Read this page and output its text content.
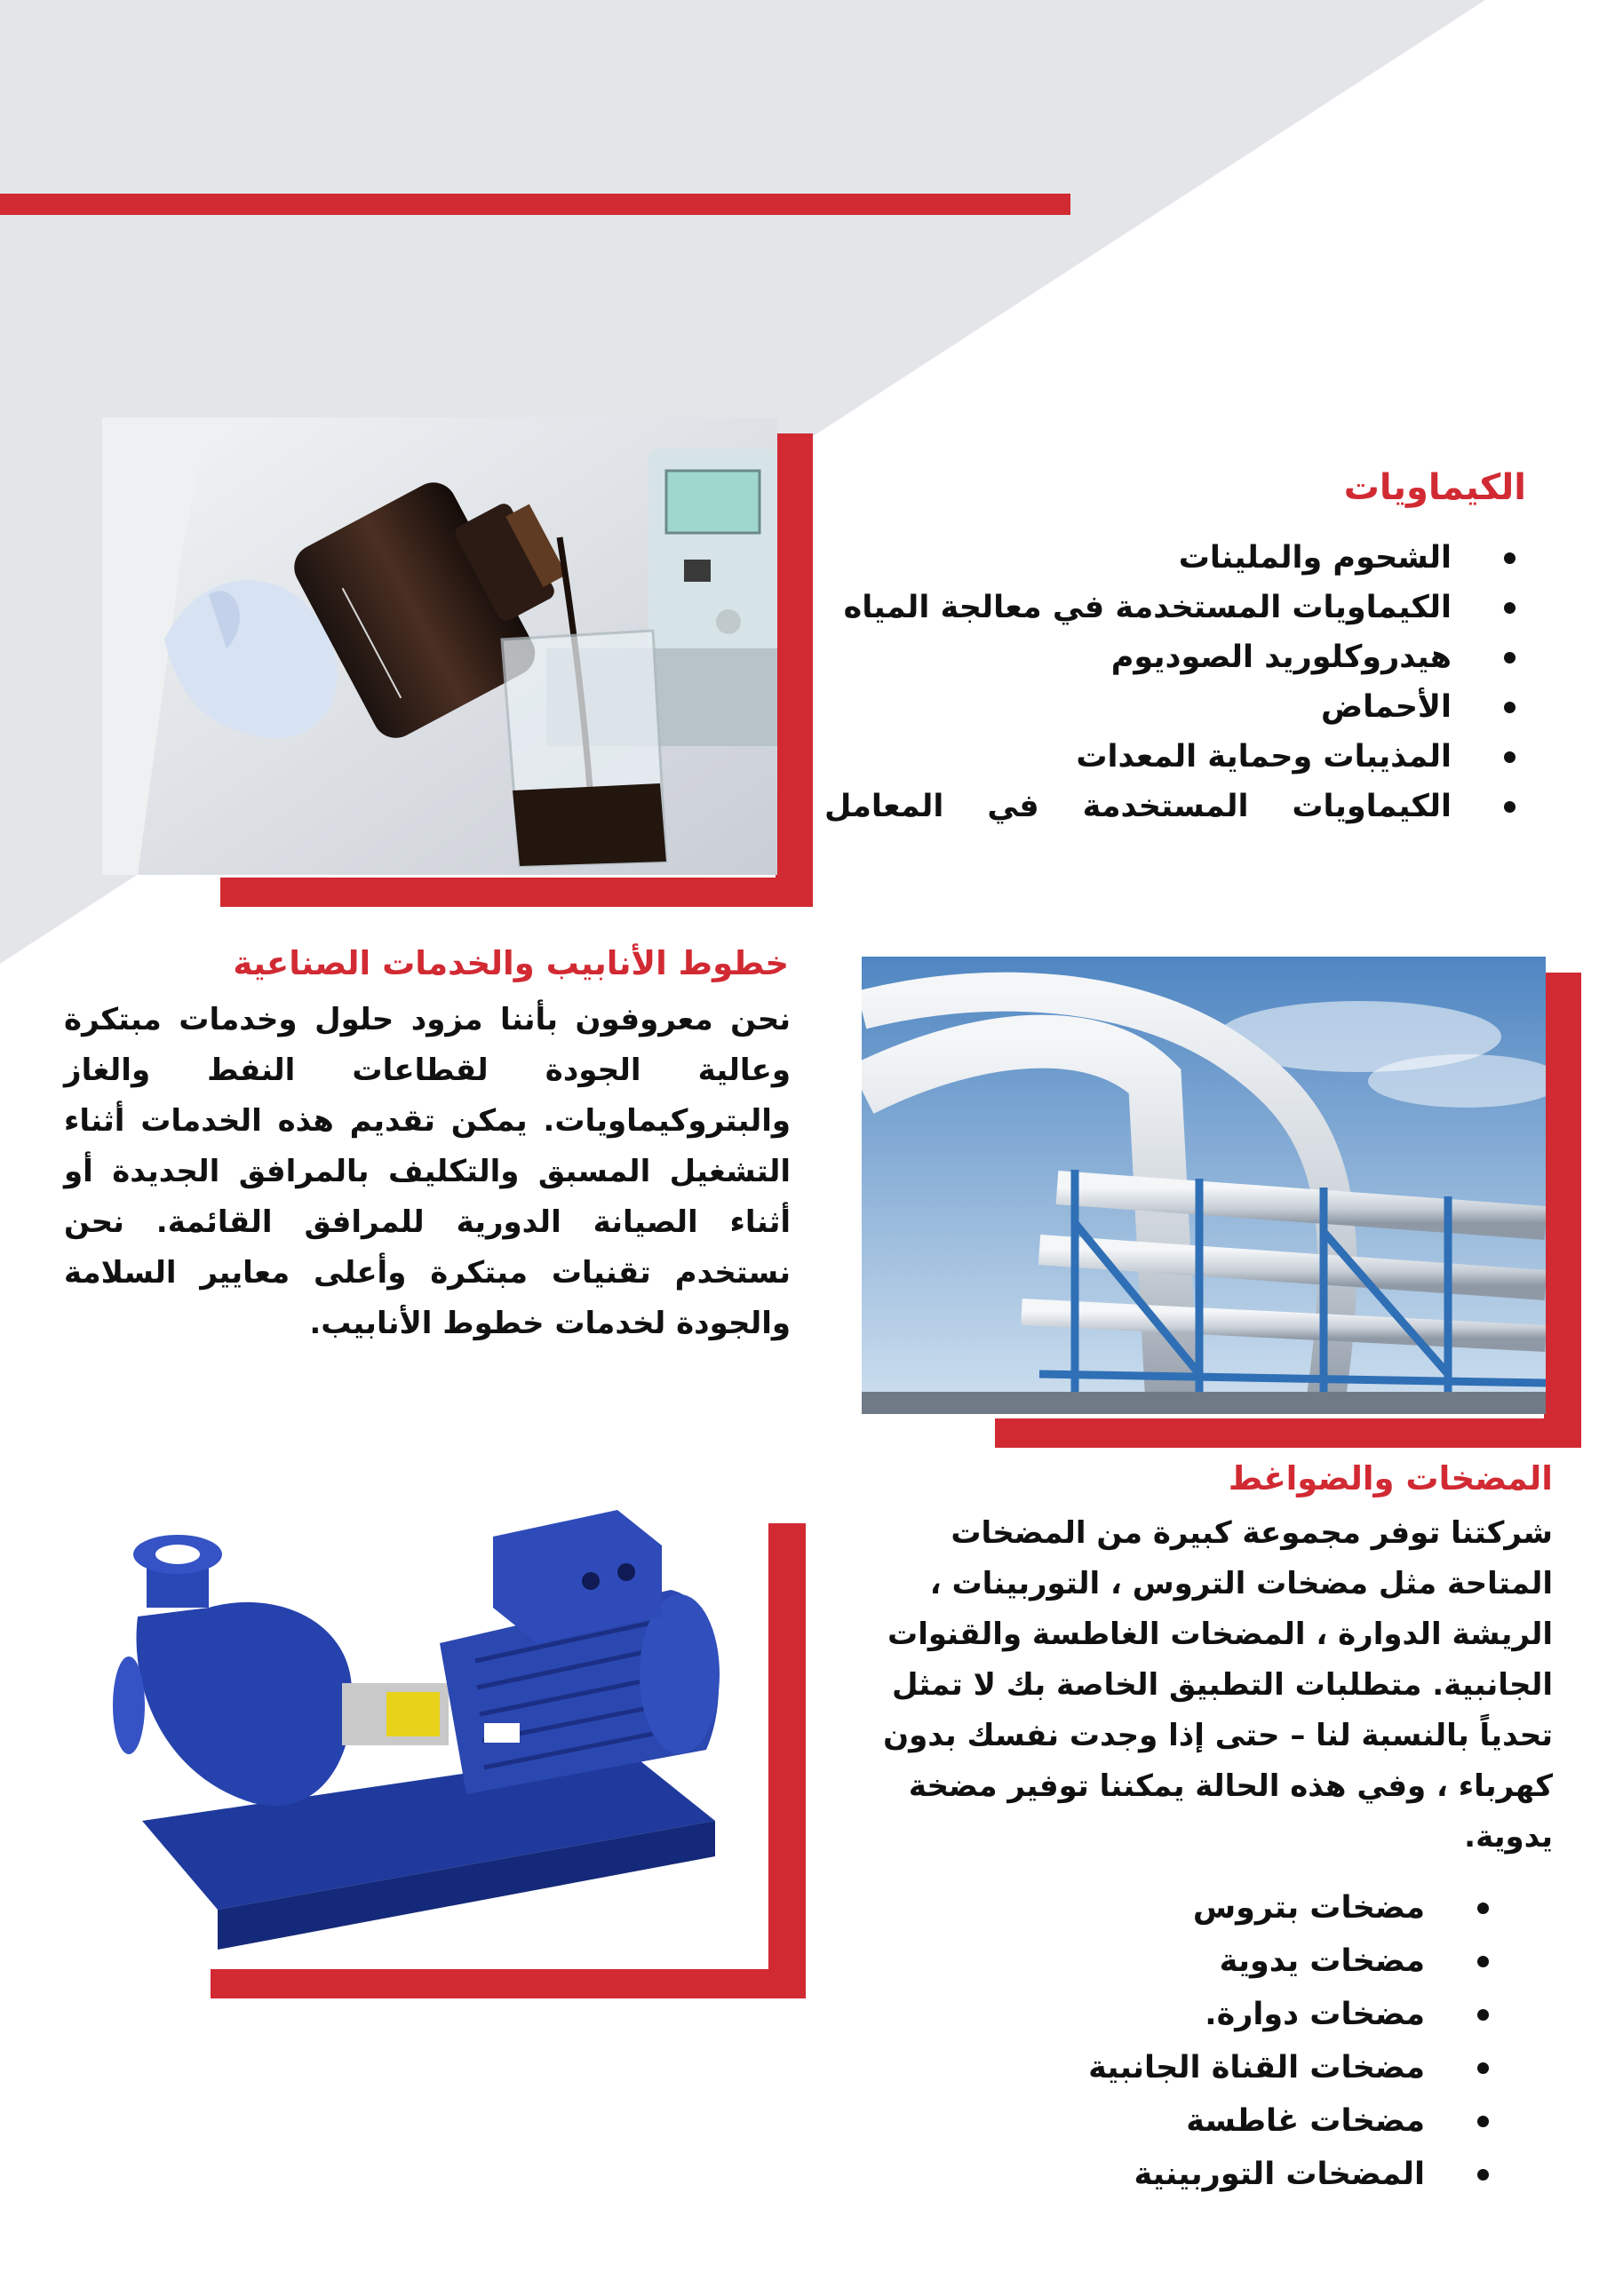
الكيماويات
الشحوم والملينات
الكيماويات المستخدمة في معالجة المياه
هيدروكلوريد الصوديوم
الأحماض
المذيبات وحماية المعدات
الكيماويات المستخدمة في المعامل
خطوط الأنابيب والخدمات الصناعية

نحن معروفون بأننا مزود حلول وخدمات مبتكرة وعالية الجودة لقطاعات النفط والغاز والبتروكيماويات. يمكن تقديم هذه الخدمات أثناء التشغيل المسبق والتكليف بالمرافق الجديدة أو أثناء الصيانة الدورية للمرافق القائمة. نحن نستخدم تقنيات مبتكرة وأعلى معايير السلامة والجودة لخدمات خطوط الأنابيب.

المضخات والضواغط

شركتنا توفر مجموعة كبيرة من المضخات المتاحة مثل مضخات التروس ، التوربينات ، الريشة الدوارة ، المضخات الغاطسة والقنوات الجانبية. متطلبات التطبيق الخاصة بك لا تمثل تحدياً بالنسبة لنا – حتى إذا وجدت نفسك بدون كهرباء ، وفي هذه الحالة يمكننا توفير مضخة يدوية.

مضخات بتروس
مضخات يدوية
مضخات دوارة.
مضخات القناة الجانبية
مضخات غاطسة
المضخات التوربينية
